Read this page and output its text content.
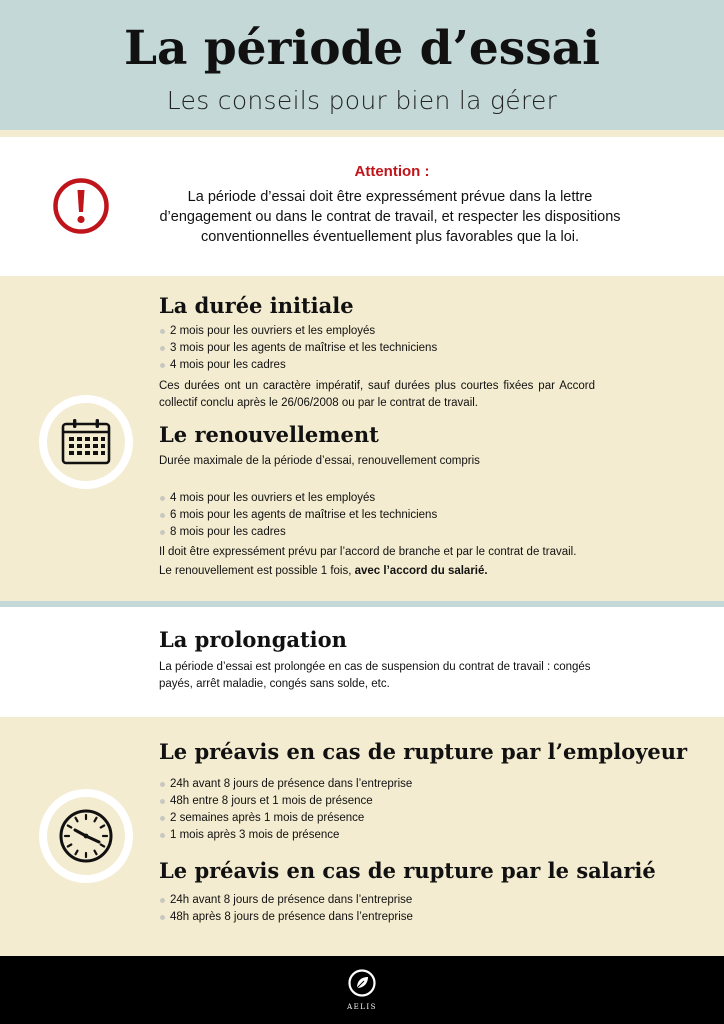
La période d’essai
Les conseils pour bien la gérer
Attention :
La période d’essai doit être expressément prévue dans la lettre d’engagement ou dans le contrat de travail, et respecter les dispositions conventionnelles éventuellement plus favorables que la loi.
La durée initiale
2 mois pour les ouvriers et les employés
3 mois pour les agents de maîtrise et les techniciens
4 mois pour les cadres
Ces durées ont un caractère impératif, sauf durées plus courtes fixées par Accord collectif conclu après le 26/06/2008 ou par le contrat de travail.
Le renouvellement
Durée maximale de la période d’essai, renouvellement compris
4 mois pour les ouvriers et les employés
6 mois pour les agents de maîtrise et les techniciens
8 mois pour les cadres
Il doit être expressément prévu par l’accord de branche et par le contrat de travail.
Le renouvellement est possible 1 fois, avec l’accord du salarié.
La prolongation
La période d’essai est prolongée en cas de suspension du contrat de travail : congés payés, arrêt maladie, congés sans solde, etc.
Le préavis en cas de rupture par l’employeur
24h avant 8 jours de présence dans l’entreprise
48h entre 8 jours et 1 mois de présence
2 semaines après 1 mois de présence
1 mois après 3 mois de présence
Le préavis en cas de rupture par le salarié
24h avant 8 jours de présence dans l’entreprise
48h après 8 jours de présence dans l’entreprise
AELIS
